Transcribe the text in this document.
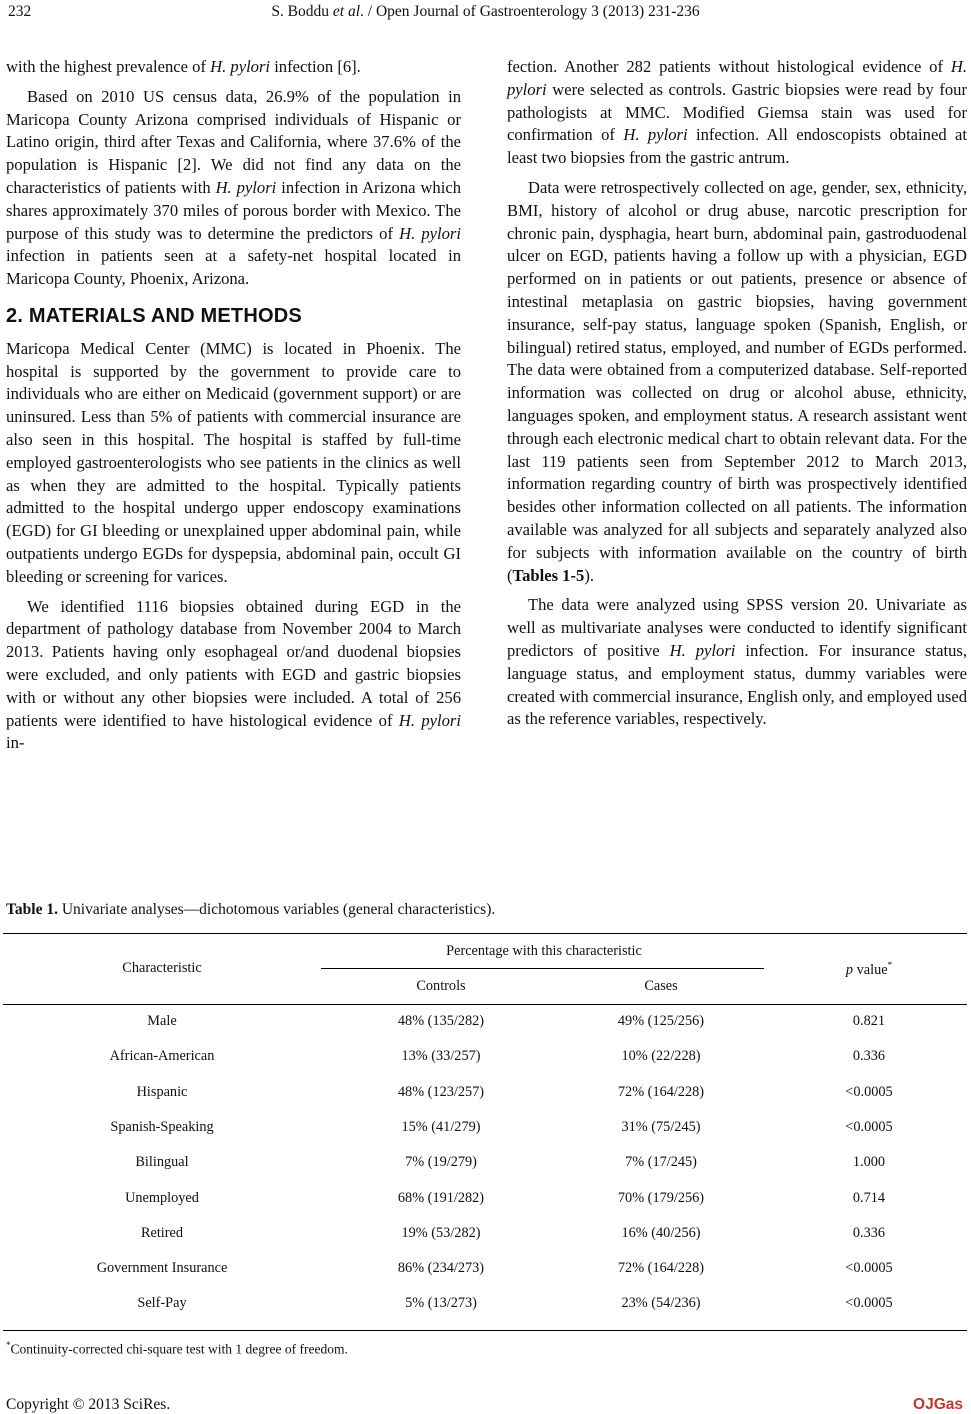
232	S. Boddu et al. / Open Journal of Gastroenterology 3 (2013) 231-236

with the highest prevalence of H. pylori infection [6].

Based on 2010 US census data, 26.9% of the population in Maricopa County Arizona comprised individuals of Hispanic or Latino origin, third after Texas and California, where 37.6% of the population is Hispanic [2]. We did not find any data on the characteristics of patients with H. pylori infection in Arizona which shares approximately 370 miles of porous border with Mexico. The purpose of this study was to determine the predictors of H. pylori infection in patients seen at a safety-net hospital located in Maricopa County, Phoenix, Arizona.

2. MATERIALS AND METHODS

Maricopa Medical Center (MMC) is located in Phoenix. The hospital is supported by the government to provide care to individuals who are either on Medicaid (government support) or are uninsured. Less than 5% of patients with commercial insurance are also seen in this hospital. The hospital is staffed by full-time employed gastroenterologists who see patients in the clinics as well as when they are admitted to the hospital. Typically patients admitted to the hospital undergo upper endoscopy examinations (EGD) for GI bleeding or unexplained upper abdominal pain, while outpatients undergo EGDs for dyspepsia, abdominal pain, occult GI bleeding or screening for varices.

We identified 1116 biopsies obtained during EGD in the department of pathology database from November 2004 to March 2013. Patients having only esophageal or/and duodenal biopsies were excluded, and only patients with EGD and gastric biopsies with or without any other biopsies were included. A total of 256 patients were identified to have histological evidence of H. pylori in-

fection. Another 282 patients without histological evidence of H. pylori were selected as controls. Gastric biopsies were read by four pathologists at MMC. Modified Giemsa stain was used for confirmation of H. pylori infection. All endoscopists obtained at least two biopsies from the gastric antrum.

Data were retrospectively collected on age, gender, sex, ethnicity, BMI, history of alcohol or drug abuse, narcotic prescription for chronic pain, dysphagia, heart burn, abdominal pain, gastroduodenal ulcer on EGD, patients having a follow up with a physician, EGD performed on in patients or out patients, presence or absence of intestinal metaplasia on gastric biopsies, having government insurance, self-pay status, language spoken (Spanish, English, or bilingual) retired status, employed, and number of EGDs performed. The data were obtained from a computerized database. Self-reported information was collected on drug or alcohol abuse, ethnicity, languages spoken, and employment status. A research assistant went through each electronic medical chart to obtain relevant data. For the last 119 patients seen from September 2012 to March 2013, information regarding country of birth was prospectively identified besides other information collected on all patients. The information available was analyzed for all subjects and separately analyzed also for subjects with information available on the country of birth (Tables 1-5).

The data were analyzed using SPSS version 20. Univariate as well as multivariate analyses were conducted to identify significant predictors of positive H. pylori infection. For insurance status, language status, and employment status, dummy variables were created with commercial insurance, English only, and employed used as the reference variables, respectively.

Table 1. Univariate analyses—dichotomous variables (general characteristics).
Percentage with this characteristic
Characteristic
Controls	Cases
p value*
Male	48% (135/282)	49% (125/256)	0.821
African-American	13% (33/257)	10% (22/228)	0.336
Hispanic	48% (123/257)	72% (164/228)	<0.0005
Spanish-Speaking	15% (41/279)	31% (75/245)	<0.0005
Bilingual	7% (19/279)	7% (17/245)	1.000
Unemployed	68% (191/282)	70% (179/256)	0.714
Retired	19% (53/282)	16% (40/256)	0.336
Government Insurance	86% (234/273)	72% (164/228)	<0.0005
Self-Pay	5% (13/273)	23% (54/236)	<0.0005
*Continuity-corrected chi-square test with 1 degree of freedom.
Copyright © 2013 SciRes.	OJGas
